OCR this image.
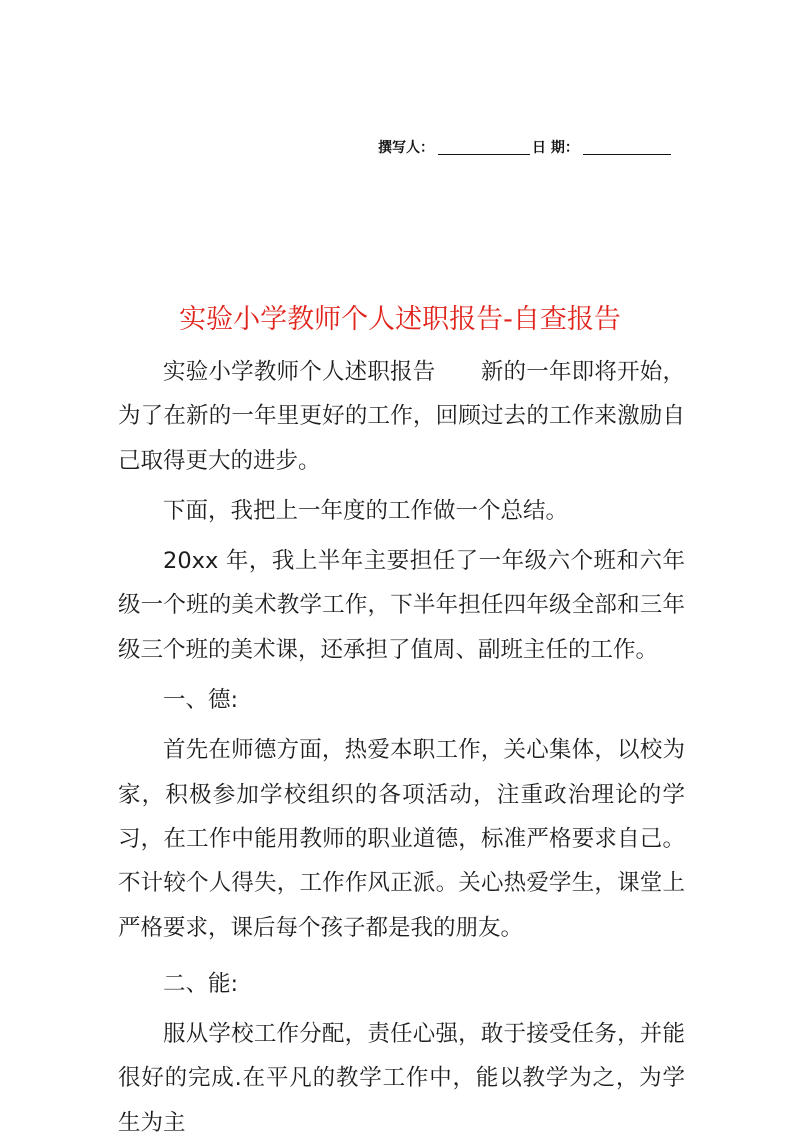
撰写人：	日 期：
实验小学教师个人述职报告-自查报告

实验小学教师个人述职报告　　新的一年即将开始，为了在新的一年里更好的工作，回顾过去的工作来激励自己取得更大的进步。

下面，我把上一年度的工作做一个总结。

20xx 年，我上半年主要担任了一年级六个班和六年级一个班的美术教学工作，下半年担任四年级全部和三年级三个班的美术课，还承担了值周、副班主任的工作。

一、德:

首先在师德方面，热爱本职工作，关心集体，以校为家，积极参加学校组织的各项活动，注重政治理论的学习，在工作中能用教师的职业道德，标准严格要求自己。不计较个人得失，工作作风正派。关心热爱学生，课堂上严格要求，课后每个孩子都是我的朋友。

二、能:

服从学校工作分配，责任心强，敢于接受任务，并能很好的完成.在平凡的教学工作中，能以教学为之，为学生为主
